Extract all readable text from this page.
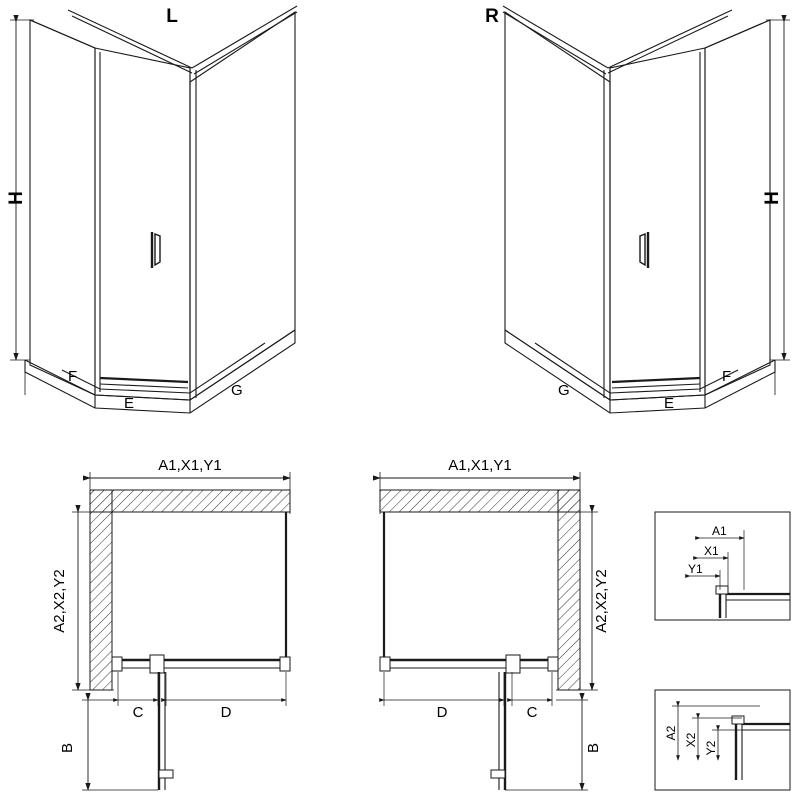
L	R
H	H
F
E
G
F
E
G
A1,X1,Y1
A2,X2,Y2
C	D
B
A1,X1,Y1
A2,X2,Y2
D	C
B
A1
X1
Y1
A2 X2
Y2
